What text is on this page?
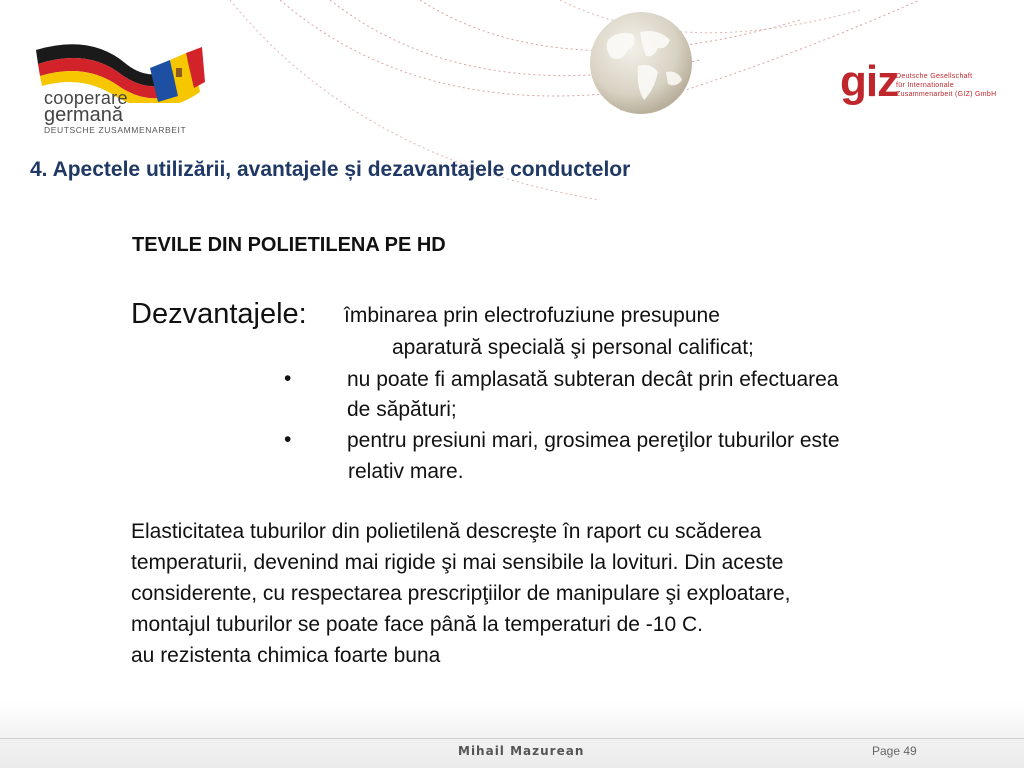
cooperare
germană
DEUTSCHE ZUSAMMENARBEIT
giz
Deutsche Gesellschaft
für Internationale
Zusammenarbeit (GIZ) GmbH
4. Apectele utilizării, avantajele și dezavantajele conductelor
TEVILE DIN POLIETILENA PE HD
Dezvantajele: îmbinarea prin electrofuziune presupune
aparatură specială şi personal calificat;
•	nu poate fi amplasată subteran decât prin efectuarea
de săpături;
•	pentru presiuni mari, grosimea pereţilor tuburilor este
relativ mare.
Elasticitatea tuburilor din polietilenă descreşte în raport cu scăderea
temperaturii, devenind mai rigide şi mai sensibile la lovituri. Din aceste
considerente, cu respectarea prescripţiilor de manipulare şi exploatare,
montajul tuburilor se poate face până la temperaturi de -10 C.
au rezistenta chimica foarte buna
Mihail Mazurean	Page 49
